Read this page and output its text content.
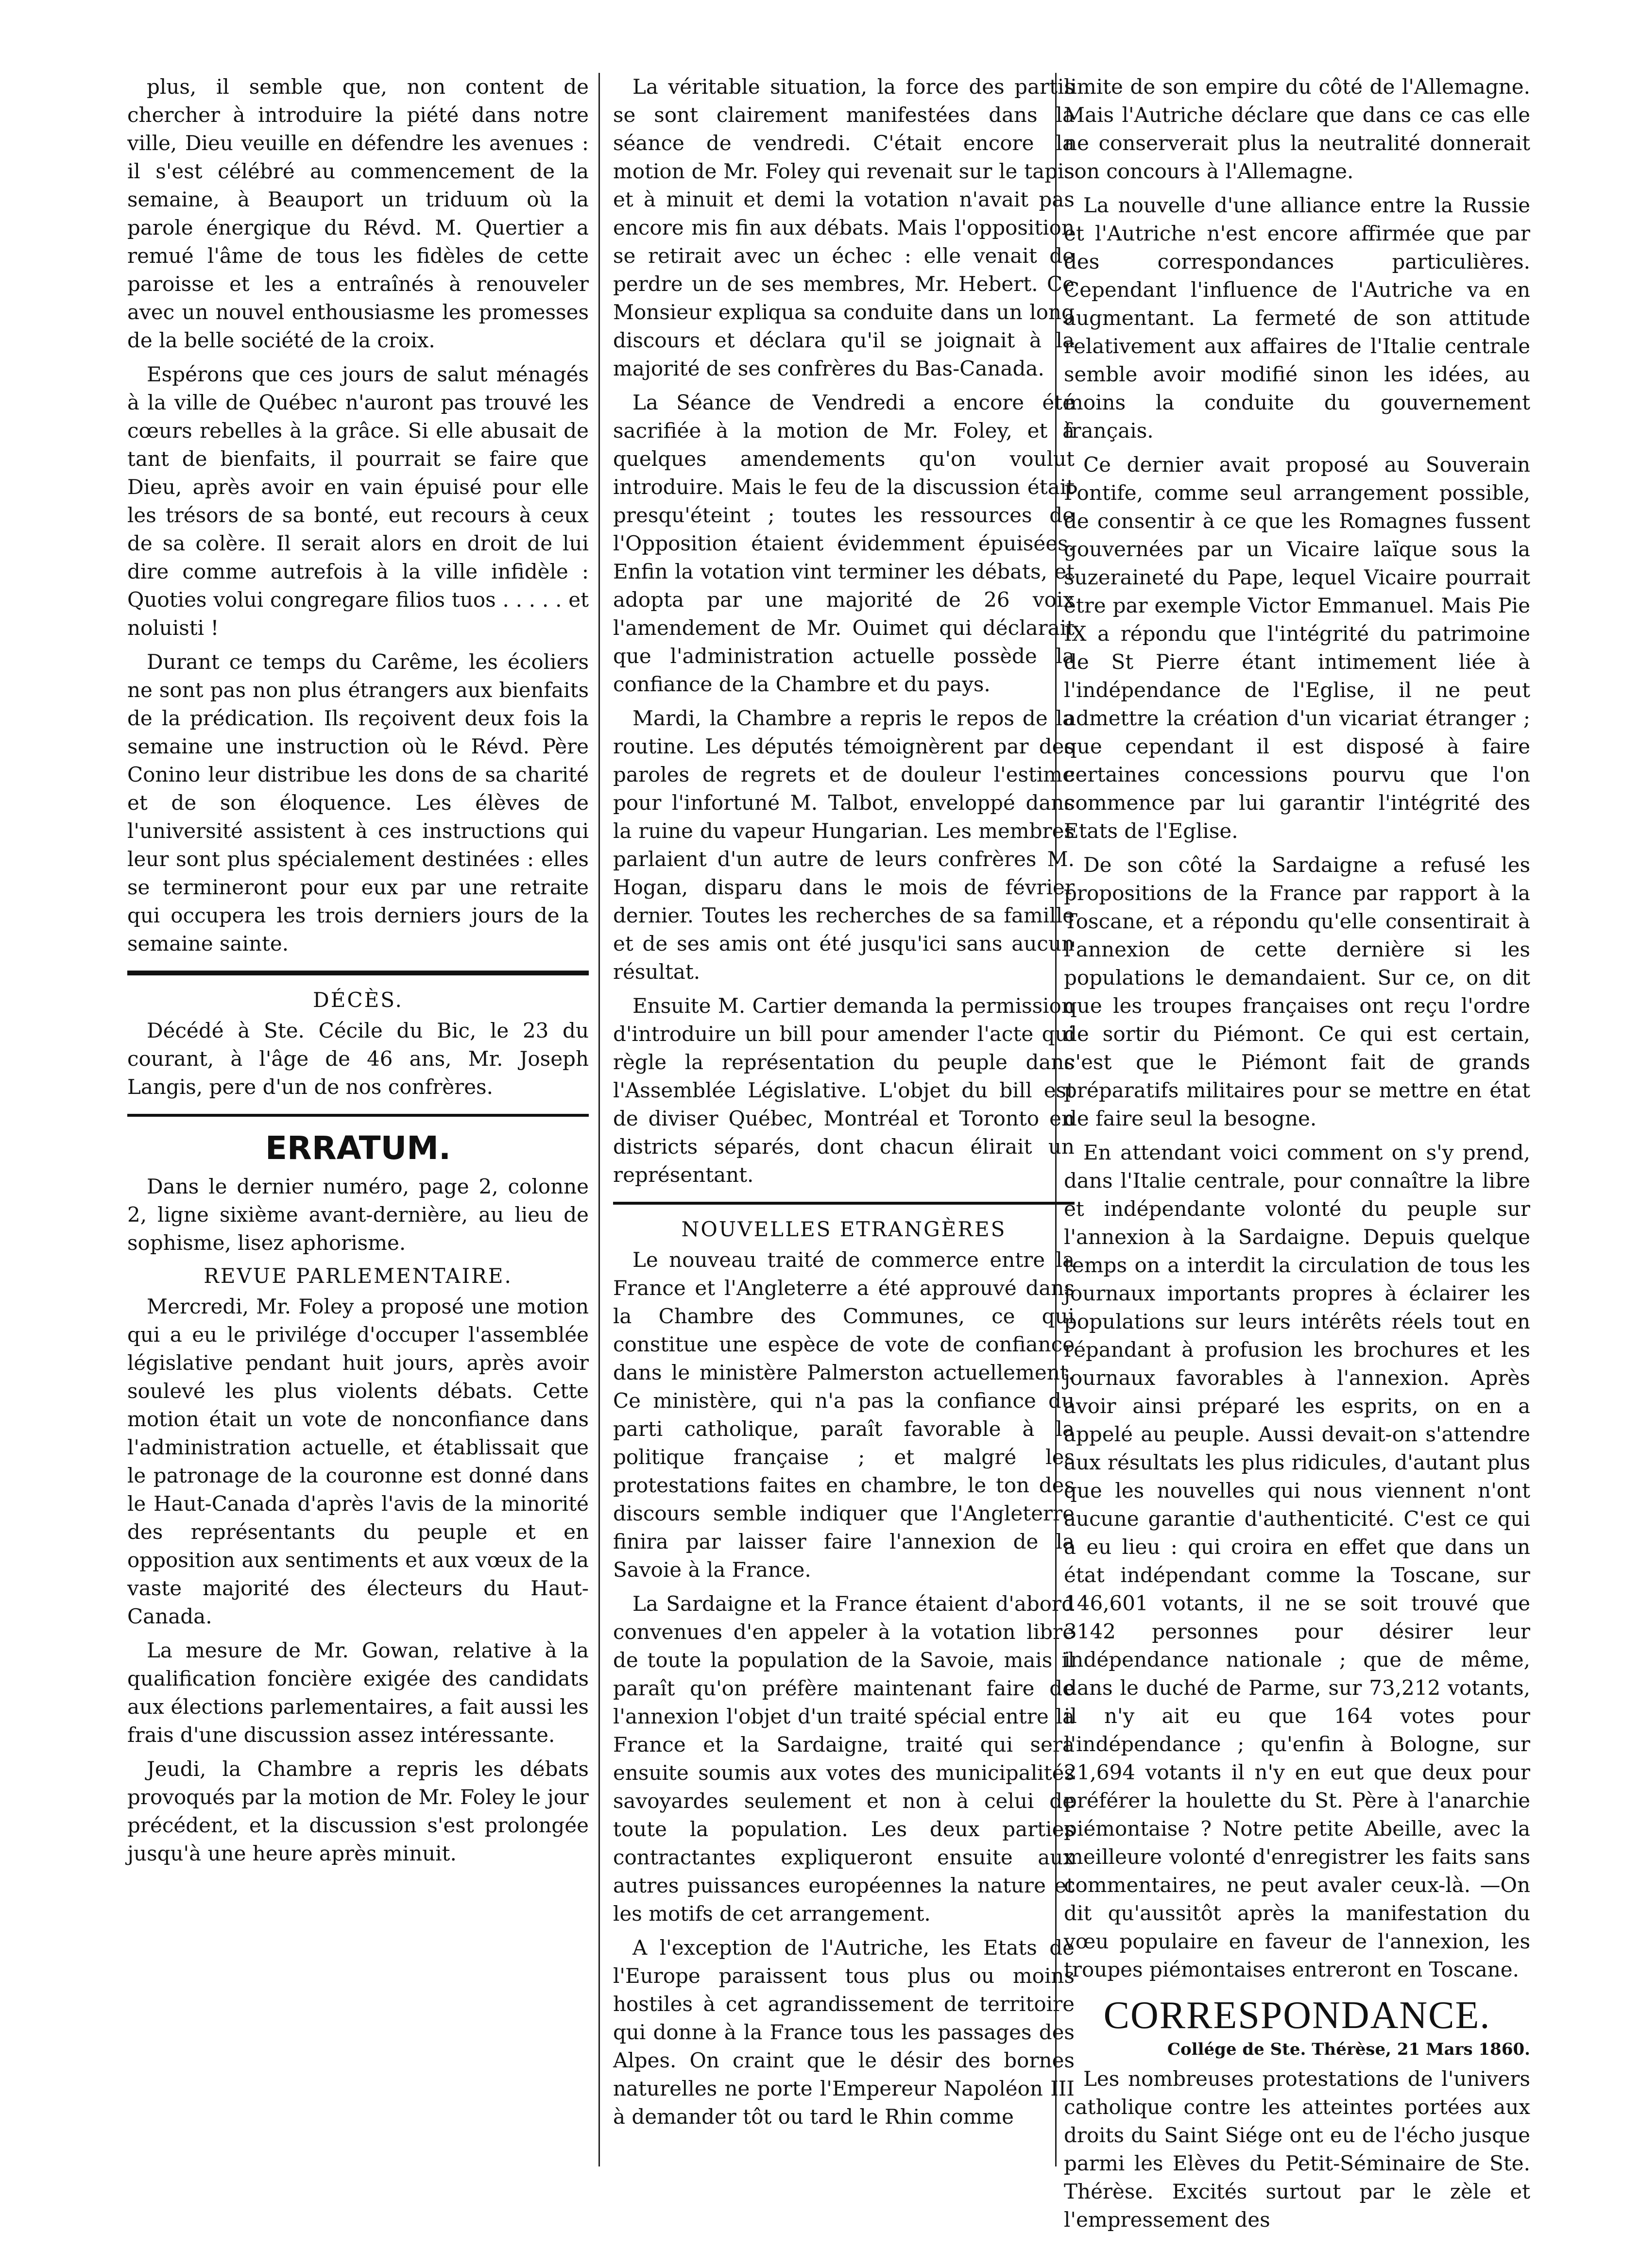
plus, il semble que, non content de chercher à introduire la piété dans notre ville, Dieu veuille en défendre les avenues : il s'est célébré au commencement de la semaine, à Beauport un triduum où la parole énergique du Révd. M. Quertier a remué l'âme de tous les fidèles de cette paroisse et les a entraînés à renouveler avec un nouvel enthousiasme les promesses de la belle société de la croix.

Espérons que ces jours de salut ménagés à la ville de Québec n'auront pas trouvé les cœurs rebelles à la grâce. Si elle abusait de tant de bienfaits, il pourrait se faire que Dieu, après avoir en vain épuisé pour elle les trésors de sa bonté, eut recours à ceux de sa colère. Il serait alors en droit de lui dire comme autrefois à la ville infidèle : Quoties volui congregare filios tuos . . . . . et noluisti !

Durant ce temps du Carême, les écoliers ne sont pas non plus étrangers aux bienfaits de la prédication. Ils reçoivent deux fois la semaine une instruction où le Révd. Père Conino leur distribue les dons de sa charité et de son éloquence. Les élèves de l'université assistent à ces instructions qui leur sont plus spécialement destinées : elles se termineront pour eux par une retraite qui occupera les trois derniers jours de la semaine sainte.

DÉCÈS.

Décédé à Ste. Cécile du Bic, le 23 du courant, à l'âge de 46 ans, Mr. Joseph Langis, pere d'un de nos confrères.

ERRATUM.

Dans le dernier numéro, page 2, colonne 2, ligne sixième avant-dernière, au lieu de sophisme, lisez aphorisme.

REVUE PARLEMENTAIRE.

Mercredi, Mr. Foley a proposé une motion qui a eu le privilége d'occuper l'assemblée législative pendant huit jours, après avoir soulevé les plus violents débats. Cette motion était un vote de nonconfiance dans l'administration actuelle, et établissait que le patronage de la couronne est donné dans le Haut-Canada d'après l'avis de la minorité des représentants du peuple et en opposition aux sentiments et aux vœux de la vaste majorité des électeurs du Haut-Canada.

La mesure de Mr. Gowan, relative à la qualification foncière exigée des candidats aux élections parlementaires, a fait aussi les frais d'une discussion assez intéressante.

Jeudi, la Chambre a repris les débats provoqués par la motion de Mr. Foley le jour précédent, et la discussion s'est prolongée jusqu'à une heure après minuit.

La véritable situation, la force des partis se sont clairement manifestées dans la séance de vendredi. C'était encore la motion de Mr. Foley qui revenait sur le tapis et à minuit et demi la votation n'avait pas encore mis fin aux débats. Mais l'opposition se retirait avec un échec : elle venait de perdre un de ses membres, Mr. Hebert. Ce Monsieur expliqua sa conduite dans un long discours et déclara qu'il se joignait à la majorité de ses confrères du Bas-Canada.

La Séance de Vendredi a encore été sacrifiée à la motion de Mr. Foley, et à quelques amendements qu'on voulut introduire. Mais le feu de la discussion était presqu'éteint ; toutes les ressources de l'Opposition étaient évidemment épuisées. Enfin la votation vint terminer les débats, et adopta par une majorité de 26 voix l'amendement de Mr. Ouimet qui déclarait que l'administration actuelle possède la confiance de la Chambre et du pays.

Mardi, la Chambre a repris le repos de la routine. Les députés témoignèrent par des paroles de regrets et de douleur l'estime pour l'infortuné M. Talbot, enveloppé dans la ruine du vapeur Hungarian. Les membres parlaient d'un autre de leurs confrères M. Hogan, disparu dans le mois de février dernier. Toutes les recherches de sa famille et de ses amis ont été jusqu'ici sans aucun résultat.

Ensuite M. Cartier demanda la permission d'introduire un bill pour amender l'acte qui règle la représentation du peuple dans l'Assemblée Législative. L'objet du bill est de diviser Québec, Montréal et Toronto en districts séparés, dont chacun élirait un représentant.

NOUVELLES ETRANGÈRES

Le nouveau traité de commerce entre la France et l'Angleterre a été approuvé dans la Chambre des Communes, ce qui constitue une espèce de vote de confiance dans le ministère Palmerston actuellement. Ce ministère, qui n'a pas la confiance du parti catholique, paraît favorable à la politique française ; et malgré les protestations faites en chambre, le ton des discours semble indiquer que l'Angleterre finira par laisser faire l'annexion de la Savoie à la France.

La Sardaigne et la France étaient d'abord convenues d'en appeler à la votation libre de toute la population de la Savoie, mais il paraît qu'on préfère maintenant faire de l'annexion l'objet d'un traité spécial entre la France et la Sardaigne, traité qui sera ensuite soumis aux votes des municipalités savoyardes seulement et non à celui de toute la population. Les deux parties contractantes expliqueront ensuite aux autres puissances européennes la nature et les motifs de cet arrangement.

A l'exception de l'Autriche, les Etats de l'Europe paraissent tous plus ou moins hostiles à cet agrandissement de territoire qui donne à la France tous les passages des Alpes. On craint que le désir des bornes naturelles ne porte l'Empereur Napoléon III à demander tôt ou tard le Rhin comme

limite de son empire du côté de l'Allemagne. Mais l'Autriche déclare que dans ce cas elle ne conserverait plus la neutralité donnerait son concours à l'Allemagne.

La nouvelle d'une alliance entre la Russie et l'Autriche n'est encore affirmée que par des correspondances particulières. Cependant l'influence de l'Autriche va en augmentant. La fermeté de son attitude relativement aux affaires de l'Italie centrale semble avoir modifié sinon les idées, au moins la conduite du gouvernement français.

Ce dernier avait proposé au Souverain Pontife, comme seul arrangement possible, de consentir à ce que les Romagnes fussent gouvernées par un Vicaire laïque sous la suzeraineté du Pape, lequel Vicaire pourrait être par exemple Victor Emmanuel. Mais Pie IX a répondu que l'intégrité du patrimoine de St Pierre étant intimement liée à l'indépendance de l'Eglise, il ne peut admettre la création d'un vicariat étranger ; que cependant il est disposé à faire certaines concessions pourvu que l'on commence par lui garantir l'intégrité des Etats de l'Eglise.

De son côté la Sardaigne a refusé les propositions de la France par rapport à la Toscane, et a répondu qu'elle consentirait à l'annexion de cette dernière si les populations le demandaient. Sur ce, on dit que les troupes françaises ont reçu l'ordre de sortir du Piémont. Ce qui est certain, c'est que le Piémont fait de grands préparatifs militaires pour se mettre en état de faire seul la besogne.

En attendant voici comment on s'y prend, dans l'Italie centrale, pour connaître la libre et indépendante volonté du peuple sur l'annexion à la Sardaigne. Depuis quelque temps on a interdit la circulation de tous les journaux importants propres à éclairer les populations sur leurs intérêts réels tout en répandant à profusion les brochures et les journaux favorables à l'annexion. Après avoir ainsi préparé les esprits, on en a appelé au peuple. Aussi devait-on s'attendre aux résultats les plus ridicules, d'autant plus que les nouvelles qui nous viennent n'ont aucune garantie d'authenticité. C'est ce qui a eu lieu : qui croira en effet que dans un état indépendant comme la Toscane, sur 146,601 votants, il ne se soit trouvé que 3142 personnes pour désirer leur indépendance nationale ; que de même, dans le duché de Parme, sur 73,212 votants, il n'y ait eu que 164 votes pour l'indépendance ; qu'enfin à Bologne, sur 21,694 votants il n'y en eut que deux pour préférer la houlette du St. Père à l'anarchie piémontaise ? Notre petite Abeille, avec la meilleure volonté d'enregistrer les faits sans commentaires, ne peut avaler ceux-là. —On dit qu'aussitôt après la manifestation du vœu populaire en faveur de l'annexion, les troupes piémontaises entreront en Toscane.

CORRESPONDANCE.
Collége de Ste. Thérèse, 21 Mars 1860.

Les nombreuses protestations de l'univers catholique contre les atteintes portées aux droits du Saint Siége ont eu de l'écho jusque parmi les Elèves du Petit-Séminaire de Ste. Thérèse. Excités surtout par le zèle et l'empressement des
